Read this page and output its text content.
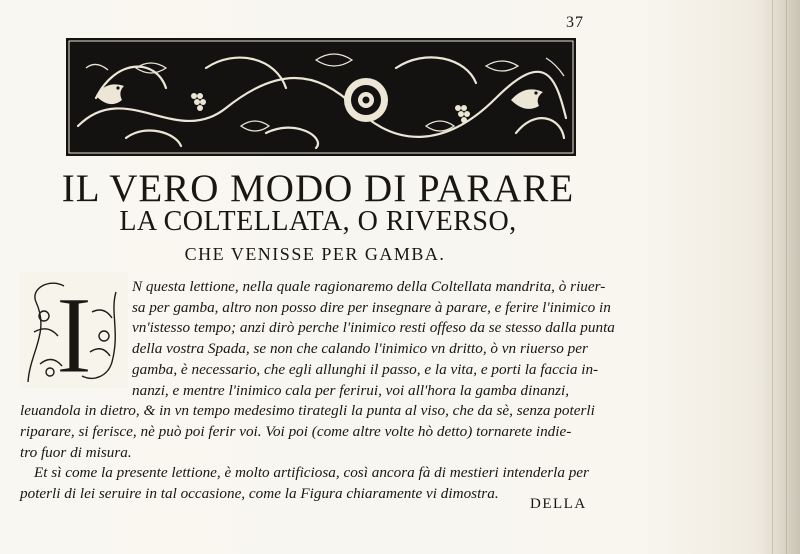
37
IL VERO MODO DI PARARE
LA COLTELLATA, O RIVERSO,
CHE VENISSE PER GAMBA.
I	N questa lettione, nella quale ragionaremo della Coltellata mandrita, ò riuer-
sa per gamba, altro non posso dire per insegnare à parare, e ferire l'inimico in
vn'istesso tempo; anzi dirò perche l'inimico resti offeso da se stesso dalla punta
della vostra Spada, se non che calando l'inimico vn dritto, ò vn riuerso per
gamba, è necessario, che egli allunghi il passo, e la vita, e porti la faccia in-
nanzi, e mentre l'inimico cala per ferirui, voi all'hora la gamba dinanzi,
leuandola in dietro, & in vn tempo medesimo tirategli la punta al viso, che da sè, senza poterli
riparare, si ferisce, nè può poi ferir voi. Voi poi (come altre volte hò detto) tornarete indie-
tro fuor di misura.
Et sì come la presente lettione, è molto artificiosa, così ancora fà di mestieri intenderla per
poterli di lei seruire in tal occasione, come la Figura chiaramente vi dimostra.
DELLA
